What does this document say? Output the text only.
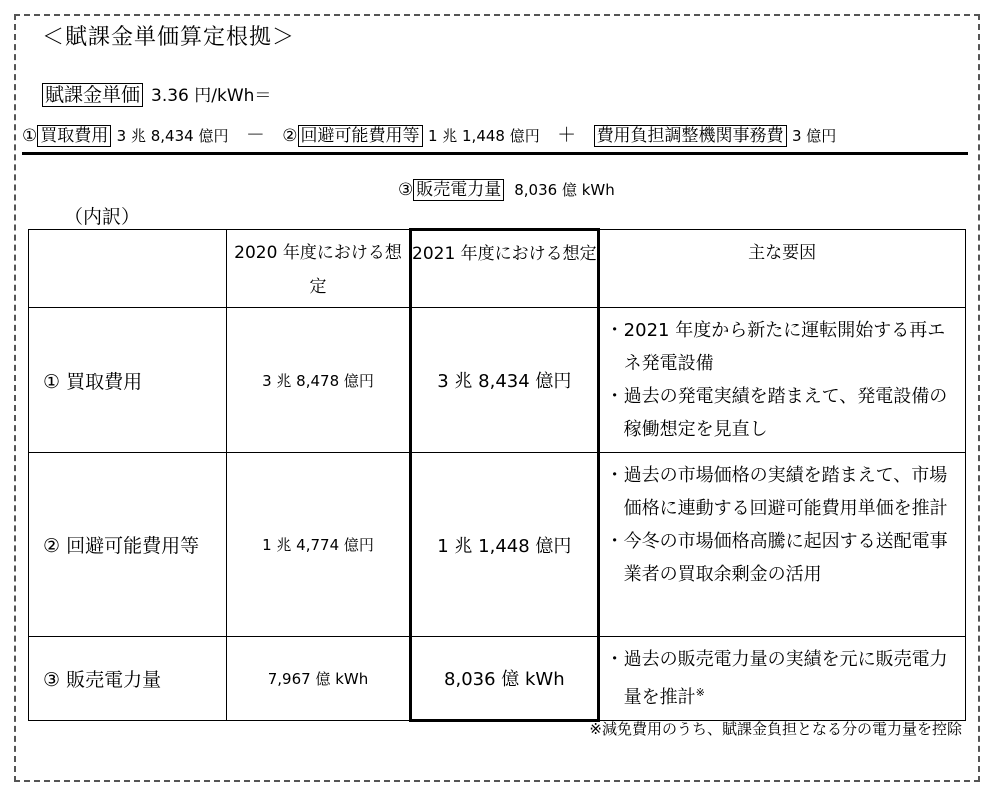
＜賦課金単価算定根拠＞
賦課金単価 3.36 円/kWh＝
① 買取費用 3 兆 8,434 億円 － ② 回避可能費用等 1 兆 1,448 億円 ＋ 費用負担調整機関事務費 3 億円
③ 販売電力量 8,036 億 kWh
（内訳）
	2020 年度における想定	2021 年度における想定	主な要因
① 買取費用	3 兆 8,478 億円	3 兆 8,434 億円	・ 2021 年度から新たに運転開始する再エネ発電設備
・ 過去の発電実績を踏まえて、発電設備の稼働想定を見直し

② 回避可能費用等	1 兆 4,774 億円	1 兆 1,448 億円	・ 過去の市場価格の実績を踏まえて、市場価格に連動する回避可能費用単価を推計
・ 今冬の市場価格高騰に起因する送配電事業者の買取余剰金の活用

③ 販売電力量	7,967 億 kWh	8,036 億 kWh	・ 過去の販売電力量の実績を元に販売電力量を推計※
※減免費用のうち、賦課金負担となる分の電力量を控除
